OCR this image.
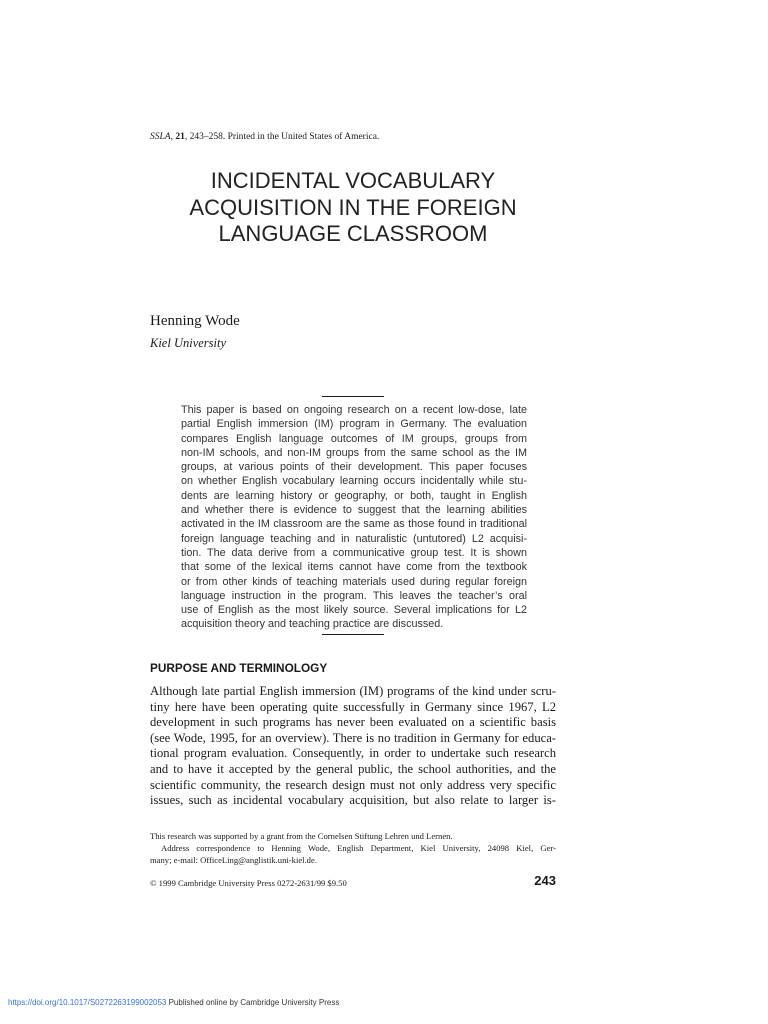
SSLA, 21, 243–258. Printed in the United States of America.
INCIDENTAL VOCABULARY
ACQUISITION IN THE FOREIGN
LANGUAGE CLASSROOM
Henning Wode
Kiel University
This paper is based on ongoing research on a recent low-dose, late
partial English immersion (IM) program in Germany. The evaluation
compares English language outcomes of IM groups, groups from
non-IM schools, and non-IM groups from the same school as the IM
groups, at various points of their development. This paper focuses
on whether English vocabulary learning occurs incidentally while stu-
dents are learning history or geography, or both, taught in English
and whether there is evidence to suggest that the learning abilities
activated in the IM classroom are the same as those found in traditional
foreign language teaching and in naturalistic (untutored) L2 acquisi-
tion. The data derive from a communicative group test. It is shown
that some of the lexical items cannot have come from the textbook
or from other kinds of teaching materials used during regular foreign
language instruction in the program. This leaves the teacher’s oral
use of English as the most likely source. Several implications for L2
acquisition theory and teaching practice are discussed.
PURPOSE AND TERMINOLOGY
Although late partial English immersion (IM) programs of the kind under scru-
tiny here have been operating quite successfully in Germany since 1967, L2
development in such programs has never been evaluated on a scientific basis
(see Wode, 1995, for an overview). There is no tradition in Germany for educa-
tional program evaluation. Consequently, in order to undertake such research
and to have it accepted by the general public, the school authorities, and the
scientific community, the research design must not only address very specific
issues, such as incidental vocabulary acquisition, but also relate to larger is-
This research was supported by a grant from the Cornelsen Stiftung Lehren und Lernen.
Address correspondence to Henning Wode, English Department, Kiel University, 24098 Kiel, Ger-
many; e-mail: OfficeLing@anglistik.uni-kiel.de.
© 1999 Cambridge University Press 0272-2631/99 $9.50	243
https://doi.org/10.1017/S0272263199002053 Published online by Cambridge University Press
